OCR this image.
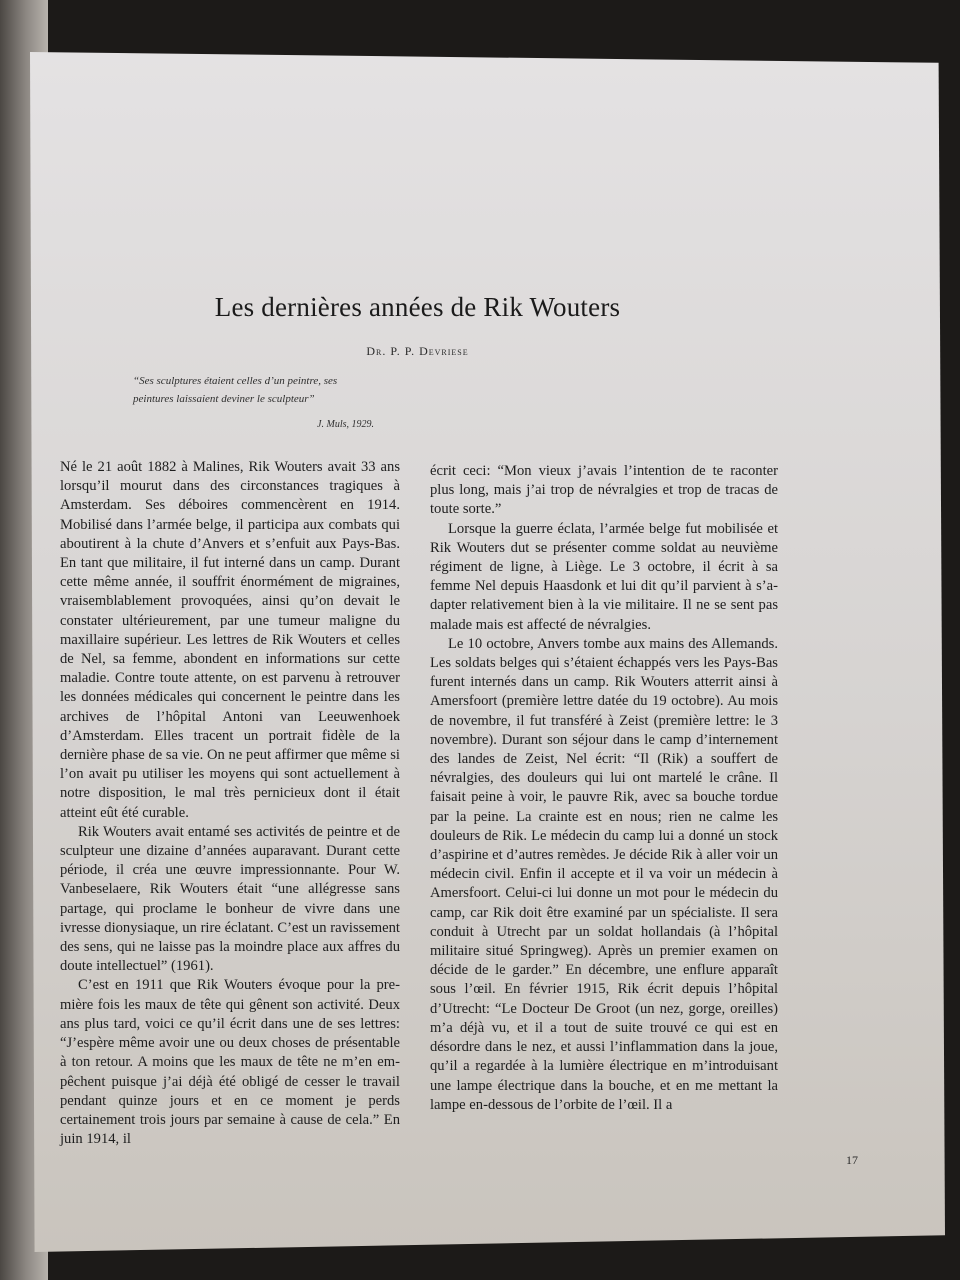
Les dernières années de Rik Wouters
Dr. P. P. Devriese

“Ses sculptures étaient celles d’un peintre, ses peintures laissaient deviner le sculpteur”

J. Muls, 1929.

Né le 21 août 1882 à Malines, Rik Wouters avait 33 ans lorsqu’il mourut dans des circonstances tragiques à Amsterdam. Ses déboires commencèrent en 1914. Mobilisé dans l’armée belge, il participa aux combats qui aboutirent à la chute d’Anvers et s’enfuit aux Pays-Bas. En tant que militaire, il fut interné dans un camp. Durant cette même année, il souffrit énormément de migraines, vraisemblablement provoquées, ainsi qu’on devait le constater ultérieurement, par une tumeur maligne du maxillaire supérieur. Les lettres de Rik Wouters et celles de Nel, sa femme, abondent en informations sur cette maladie. Contre toute attente, on est parvenu à retrouver les données médicales qui concernent le peintre dans les archives de l’hôpital Antoni van Leeuwenhoek d’Amsterdam. Elles tracent un portrait fidèle de la dernière phase de sa vie. On ne peut affirmer que même si l’on avait pu utiliser les moyens qui sont actuellement à notre disposition, le mal très pernicieux dont il était atteint eût été curable.

Rik Wouters avait entamé ses activités de peintre et de sculpteur une dizaine d’années auparavant. Durant cette période, il créa une œuvre impressionnante. Pour W. Vanbeselaere, Rik Wouters était “une allégresse sans partage, qui proclame le bonheur de vivre dans une ivresse dionysiaque, un rire éclatant. C’est un ravissement des sens, qui ne laisse pas la moindre place aux affres du doute intellectuel” (1961).

C’est en 1911 que Rik Wouters évoque pour la première fois les maux de tête qui gênent son activité. Deux ans plus tard, voici ce qu’il écrit dans une de ses lettres: “J’espère même avoir une ou deux choses de présentable à ton retour. A moins que les maux de tête ne m’en empêchent puisque j’ai déjà été obligé de cesser le travail pendant quinze jours et en ce moment je perds certainement trois jours par semaine à cause de cela.” En juin 1914, il

écrit ceci: “Mon vieux j’avais l’intention de te raconter plus long, mais j’ai trop de névralgies et trop de tracas de toute sorte.”

Lorsque la guerre éclata, l’armée belge fut mobilisée et Rik Wouters dut se présenter comme soldat au neuvième régiment de ligne, à Liège. Le 3 octobre, il écrit à sa femme Nel depuis Haasdonk et lui dit qu’il parvient à s’adapter relativement bien à la vie militaire. Il ne se sent pas malade mais est affecté de névralgies.

Le 10 octobre, Anvers tombe aux mains des Allemands. Les soldats belges qui s’étaient échappés vers les Pays-Bas furent internés dans un camp. Rik Wouters atterrit ainsi à Amersfoort (première lettre datée du 19 octobre). Au mois de novembre, il fut transféré à Zeist (première lettre: le 3 novembre). Durant son séjour dans le camp d’internement des landes de Zeist, Nel écrit: “Il (Rik) a souffert de névralgies, des douleurs qui lui ont martelé le crâne. Il faisait peine à voir, le pauvre Rik, avec sa bouche tordue par la peine. La crainte est en nous; rien ne calme les douleurs de Rik. Le médecin du camp lui a donné un stock d’aspirine et d’autres remèdes. Je décide Rik à aller voir un médecin civil. Enfin il accepte et il va voir un médecin à Amersfoort. Celui-ci lui donne un mot pour le médecin du camp, car Rik doit être examiné par un spécialiste. Il sera conduit à Utrecht par un soldat hollandais (à l’hôpital militaire situé Springweg). Après un premier examen on décide de le garder.” En décembre, une enflure apparaît sous l’œil. En février 1915, Rik écrit depuis l’hôpital d’Utrecht: “Le Docteur De Groot (un nez, gorge, oreilles) m’a déjà vu, et il a tout de suite trouvé ce qui est en désordre dans le nez, et aussi l’inflammation dans la joue, qu’il a regardée à la lumière électrique en m’introduisant une lampe électrique dans la bouche, et en me mettant la lampe en-dessous de l’orbite de l’œil. Il a

17
